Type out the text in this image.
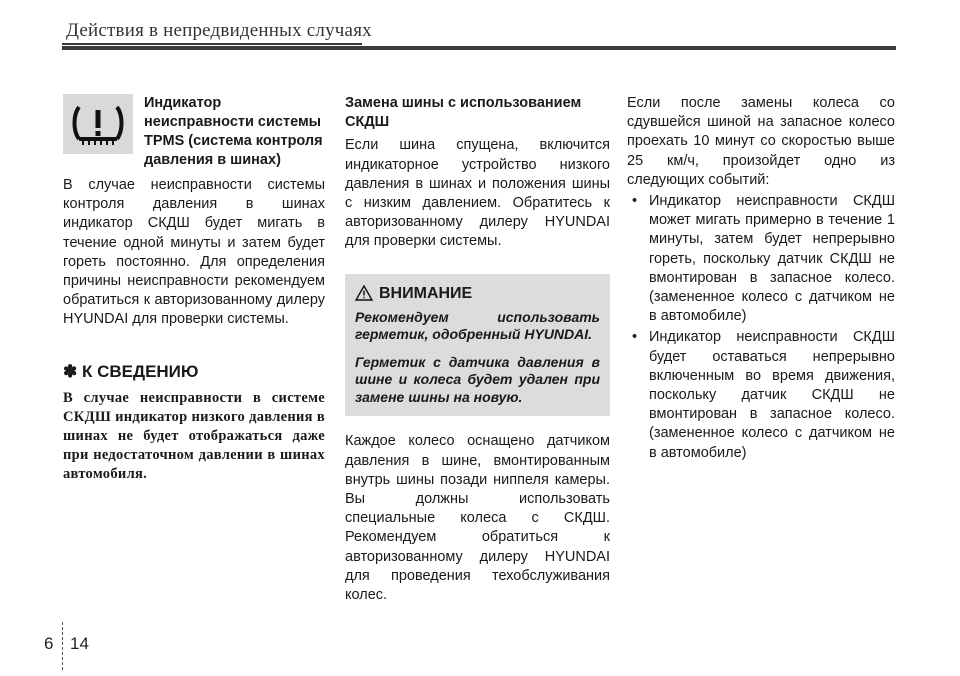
Действия в непредвиденных случаях
Индикатор неисправности системы TPMS (система контроля давления в шинах)

В случае неисправности системы контроля давления в шинах индикатор СКДШ будет мигать в течение одной минуты и затем будет гореть постоянно. Для определения причины неисправности рекомендуем обратиться к авторизованному дилеру HYUNDAI для проверки системы.

✽ К СВЕДЕНИЮ

В случае неисправности в системе СКДШ индикатор низкого давления в шинах не будет отображаться даже при недостаточном давлении в шинах автомобиля.

Замена шины с использованием СКДШ

Если шина спущена, включится индикаторное устройство низкого давления в шинах и положения шины с низким давлением. Обратитесь к авторизованному дилеру HYUNDAI для проверки системы.

ВНИМАНИЕ

Рекомендуем использовать герметик, одобренный HYUNDAI.

Герметик с датчика давления в шине и колеса будет удален при замене шины на новую.

Каждое колесо оснащено датчиком давления в шине, вмонтированным внутрь шины позади ниппеля камеры. Вы должны использовать специальные колеса с СКДШ. Рекомендуем обратиться к авторизованному дилеру HYUNDAI для проведения техобслуживания колес.

Если после замены колеса со сдувшейся шиной на запасное колесо проехать 10 минут со скоростью выше 25 км/ч, произойдет одно из следующих событий:

• Индикатор неисправности СКДШ может мигать примерно в течение 1 минуты, затем будет непрерывно гореть, поскольку датчик СКДШ не вмонтирован в запасное колесо. (замененное колесо с датчиком не в автомобиле)
• Индикатор неисправности СКДШ будет оставаться непрерывно включенным во время движения, поскольку датчик СКДШ не вмонтирован в запасное колесо. (замененное колесо с датчиком не в автомобиле)
6 14
